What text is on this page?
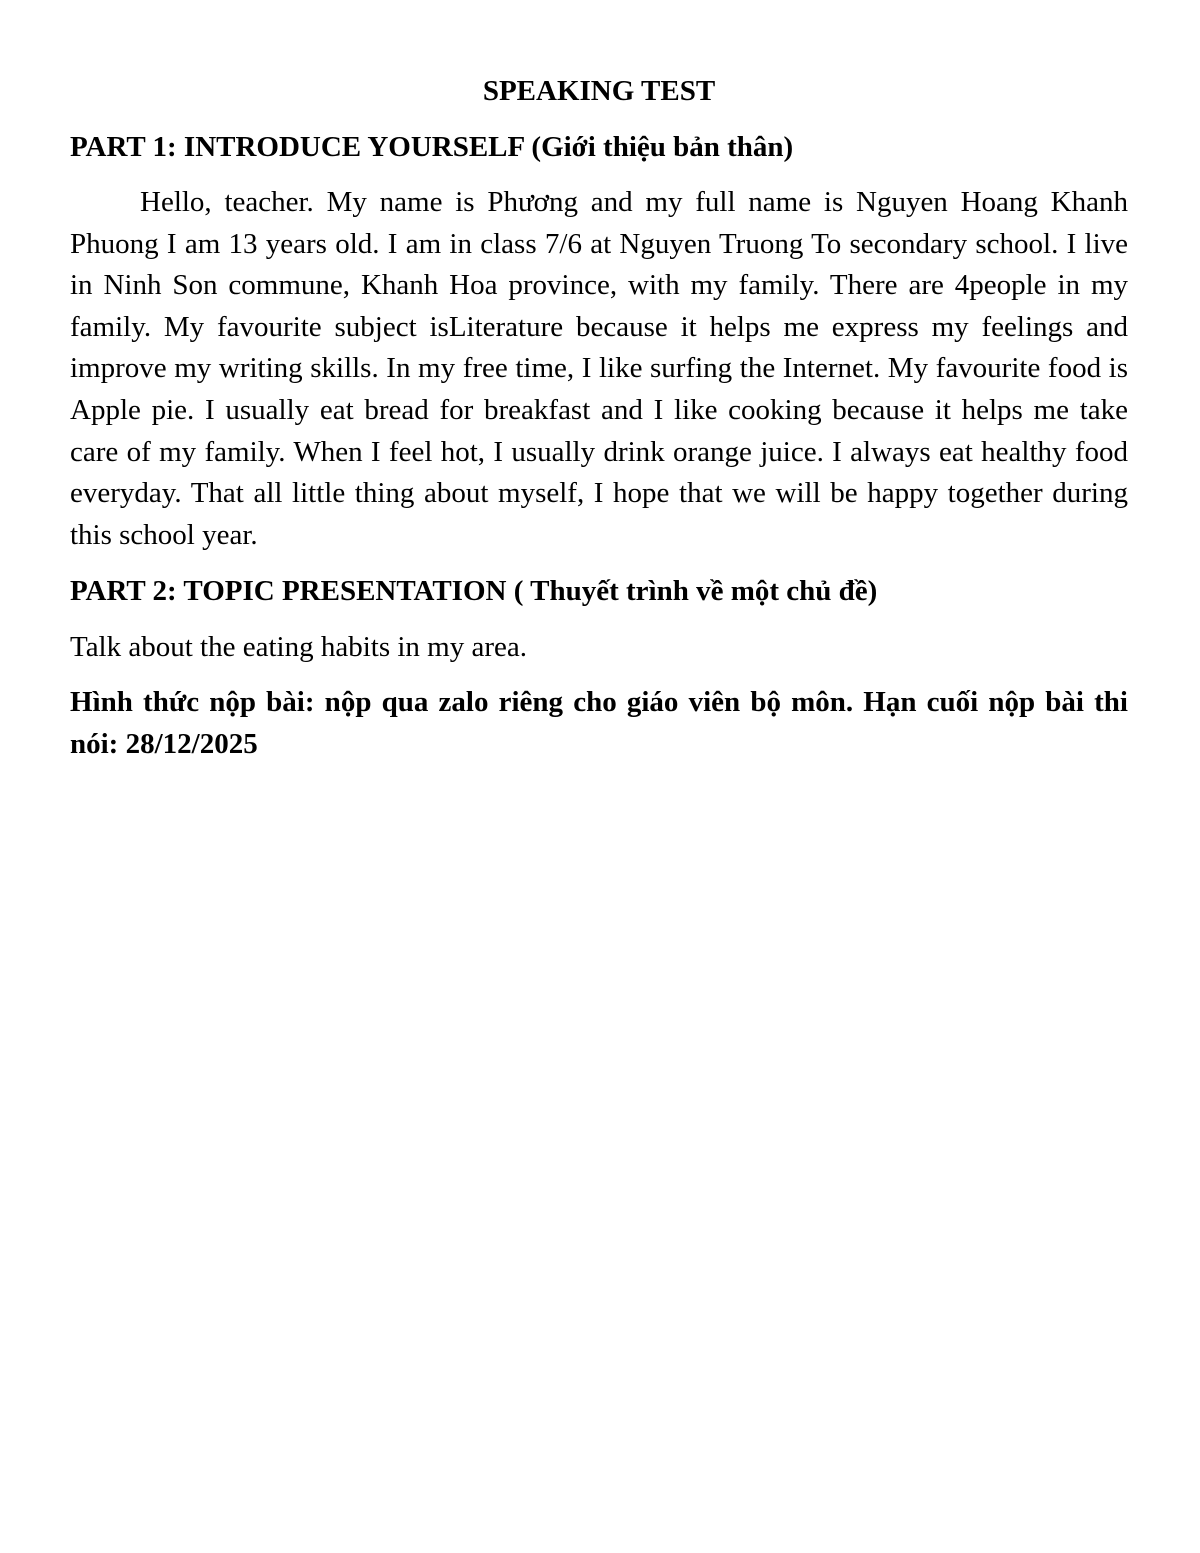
SPEAKING TEST
PART 1: INTRODUCE YOURSELF (Giới thiệu bản thân)

Hello, teacher. My name is Phương and my full name is Nguyen Hoang Khanh Phuong I am 13 years old. I am in class 7/6 at Nguyen Truong To secondary school. I live in Ninh Son commune, Khanh Hoa province, with my family. There are 4people in my family. My favourite subject isLiterature because it helps me express my feelings and improve my writing skills. In my free time, I like surfing the Internet. My favourite food is Apple pie. I usually eat bread for breakfast and I like cooking because it helps me take care of my family. When I feel hot, I usually drink orange juice. I always eat healthy food everyday. That all little thing about myself, I hope that we will be happy together during this school year.

PART 2: TOPIC PRESENTATION ( Thuyết trình về một chủ đề)

Talk about the eating habits in my area.

Hình thức nộp bài: nộp qua zalo riêng cho giáo viên bộ môn. Hạn cuối nộp bài thi nói: 28/12/2025
